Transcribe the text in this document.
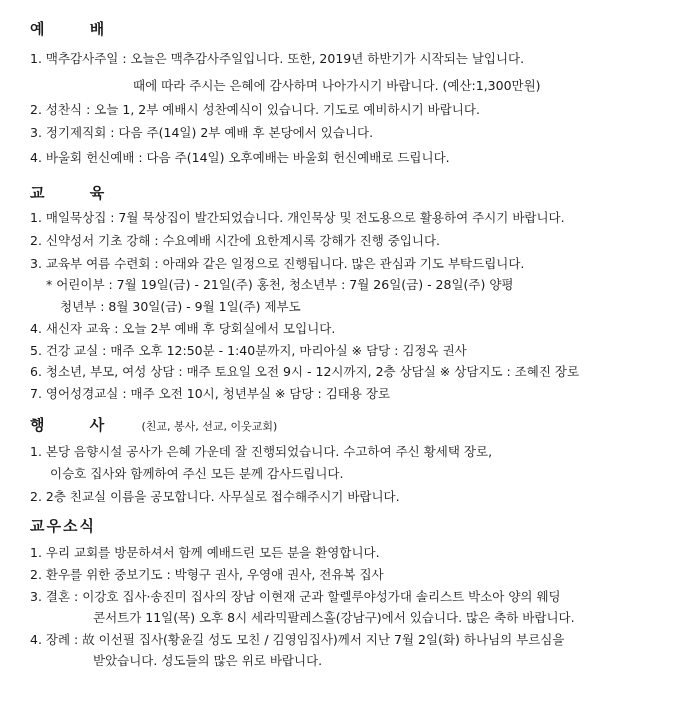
예 배
1. 맥추감사주일 : 오늘은 맥추감사주일입니다. 또한, 2019년 하반기가 시작되는 날입니다.
때에 따라 주시는 은혜에 감사하며 나아가시기 바랍니다. (예산:1,300만원)
2. 성찬식 : 오늘 1, 2부 예배시 성찬예식이 있습니다. 기도로 예비하시기 바랍니다.
3. 정기제직회 : 다음 주(14일) 2부 예배 후 본당에서 있습니다.
4. 바울회 헌신예배 : 다음 주(14일) 오후예배는 바울회 헌신예배로 드립니다.
교 육
1. 매일묵상집 : 7월 묵상집이 발간되었습니다. 개인묵상 및 전도용으로 활용하여 주시기 바랍니다.
2. 신약성서 기초 강해 : 수요예배 시간에 요한계시록 강해가 진행 중입니다.
3. 교육부 여름 수련회 : 아래와 같은 일정으로 진행됩니다. 많은 관심과 기도 부탁드립니다.
* 어린이부 : 7월 19일(금) - 21일(주) 홍천, 청소년부 : 7월 26일(금) - 28일(주) 양평
청년부 : 8월 30일(금) - 9월 1일(주) 제부도
4. 새신자 교육 : 오늘 2부 예배 후 당회실에서 모입니다.
5. 건강 교실 : 매주 오후 12:50분 - 1:40분까지, 마리아실 ※ 담당 : 김정옥 권사
6. 청소년, 부모, 여성 상담 : 매주 토요일 오전 9시 - 12시까지, 2층 상담실 ※ 상담지도 : 조혜진 장로
7. 영어성경교실 : 매주 오전 10시, 청년부실 ※ 담당 : 김태용 장로
행 사 (친교, 봉사, 선교, 이웃교회)
1. 본당 음향시설 공사가 은혜 가운데 잘 진행되었습니다. 수고하여 주신 황세택 장로,
이승호 집사와 함께하여 주신 모든 분께 감사드립니다.
2. 2층 친교실 이름을 공모합니다. 사무실로 접수해주시기 바랍니다.
교우소식
1. 우리 교회를 방문하셔서 함께 예배드린 모든 분을 환영합니다.
2. 환우를 위한 중보기도 : 박형구 권사, 우영애 권사, 전유복 집사
3. 결혼 : 이강호 집사·송진미 집사의 장남 이현재 군과 할렐루야성가대 솔리스트 박소아 양의 웨딩
콘서트가 11일(목) 오후 8시 세라믹팔레스홀(강남구)에서 있습니다. 많은 축하 바랍니다.
4. 장례 : 故 이선필 집사(황윤길 성도 모친 / 김영임집사)께서 지난 7월 2일(화) 하나님의 부르심을
받았습니다. 성도들의 많은 위로 바랍니다.
